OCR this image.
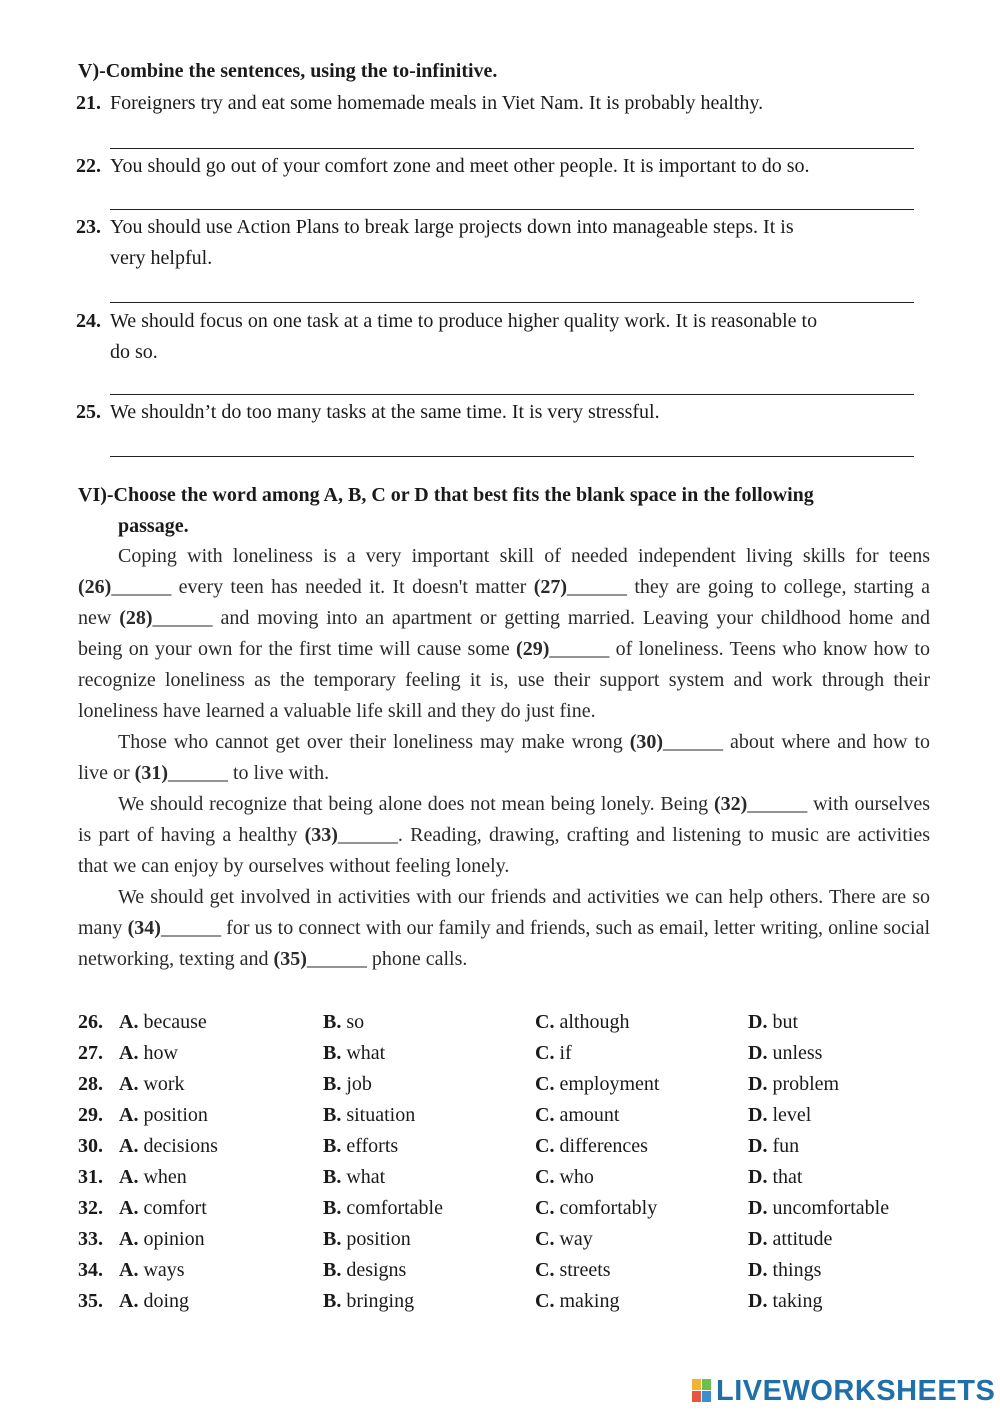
V)-Combine the sentences, using the to-infinitive.
21. Foreigners try and eat some homemade meals in Viet Nam. It is probably healthy.
22. You should go out of your comfort zone and meet other people. It is important to do so.
23. You should use Action Plans to break large projects down into manageable steps. It is
very helpful.
24. We should focus on one task at a time to produce higher quality work. It is reasonable to
do so.
25. We shouldn’t do too many tasks at the same time. It is very stressful.
VI)-Choose the word among A, B, C or D that best fits the blank space in the following
passage.

Coping with loneliness is a very important skill of needed independent living skills for teens (26)______ every teen has needed it. It doesn't matter (27)______ they are going to college, starting a new (28)______ and moving into an apartment or getting married. Leaving your childhood home and being on your own for the first time will cause some (29)______ of loneliness. Teens who know how to recognize loneliness as the temporary feeling it is, use their support system and work through their loneliness have learned a valuable life skill and they do just fine.

Those who cannot get over their loneliness may make wrong (30)______ about where and how to live or (31)______ to live with.

We should recognize that being alone does not mean being lonely. Being (32)______ with ourselves is part of having a healthy (33)______. Reading, drawing, crafting and listening to music are activities that we can enjoy by ourselves without feeling lonely.

We should get involved in activities with our friends and activities we can help others. There are so many (34)______ for us to connect with our family and friends, such as email, letter writing, online social networking, texting and (35)______ phone calls.

26. A. because	B. so	C. although	D. but
27. A. how	B. what	C. if	D. unless
28. A. work	B. job	C. employment	D. problem
29. A. position	B. situation	C. amount	D. level
30. A. decisions	B. efforts	C. differences	D. fun
31. A. when	B. what	C. who	D. that
32. A. comfort	B. comfortable	C. comfortably	D. uncomfortable
33. A. opinion	B. position	C. way	D. attitude
34. A. ways	B. designs	C. streets	D. things
35. A. doing	B. bringing	C. making	D. taking
LIVEWORKSHEETS
